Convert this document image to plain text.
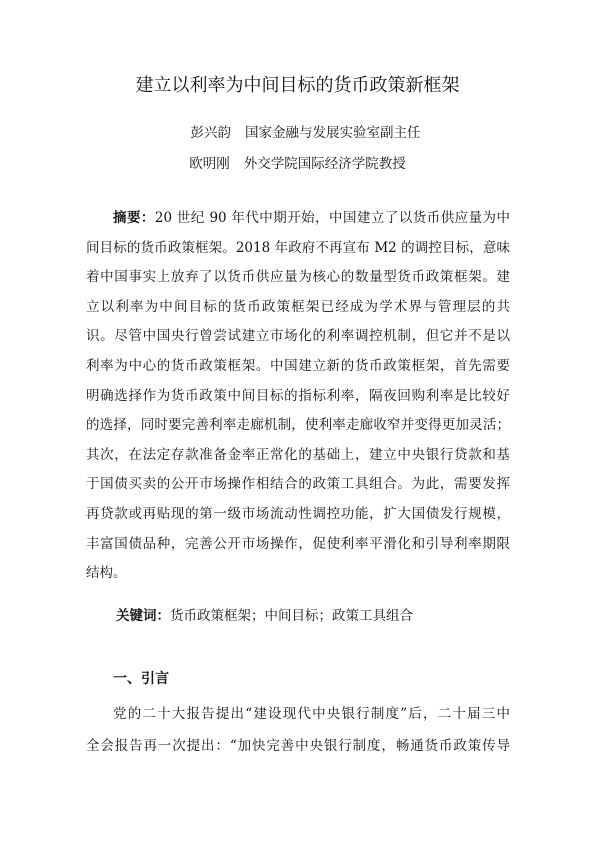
建立以利率为中间目标的货币政策新框架
彭兴韵 国家金融与发展实验室副主任
欧明刚 外交学院国际经济学院教授
摘要：20 世纪 90 年代中期开始，中国建立了以货币供应量为中
间目标的货币政策框架。2018 年政府不再宣布 M2 的调控目标，意味
着中国事实上放弃了以货币供应量为核心的数量型货币政策框架。建
立以利率为中间目标的货币政策框架已经成为学术界与管理层的共
识。尽管中国央行曾尝试建立市场化的利率调控机制，但它并不是以
利率为中心的货币政策框架。中国建立新的货币政策框架，首先需要
明确选择作为货币政策中间目标的指标利率，隔夜回购利率是比较好
的选择，同时要完善利率走廊机制，使利率走廊收窄并变得更加灵活；
其次，在法定存款准备金率正常化的基础上，建立中央银行贷款和基
于国债买卖的公开市场操作相结合的政策工具组合。为此，需要发挥
再贷款或再贴现的第一级市场流动性调控功能，扩大国债发行规模，
丰富国债品种，完善公开市场操作，促使利率平滑化和引导利率期限
结构。
关键词：货币政策框架；中间目标；政策工具组合
一、引言
党的二十大报告提出“建设现代中央银行制度”后，二十届三中
全会报告再一次提出：“加快完善中央银行制度，畅通货币政策传导
